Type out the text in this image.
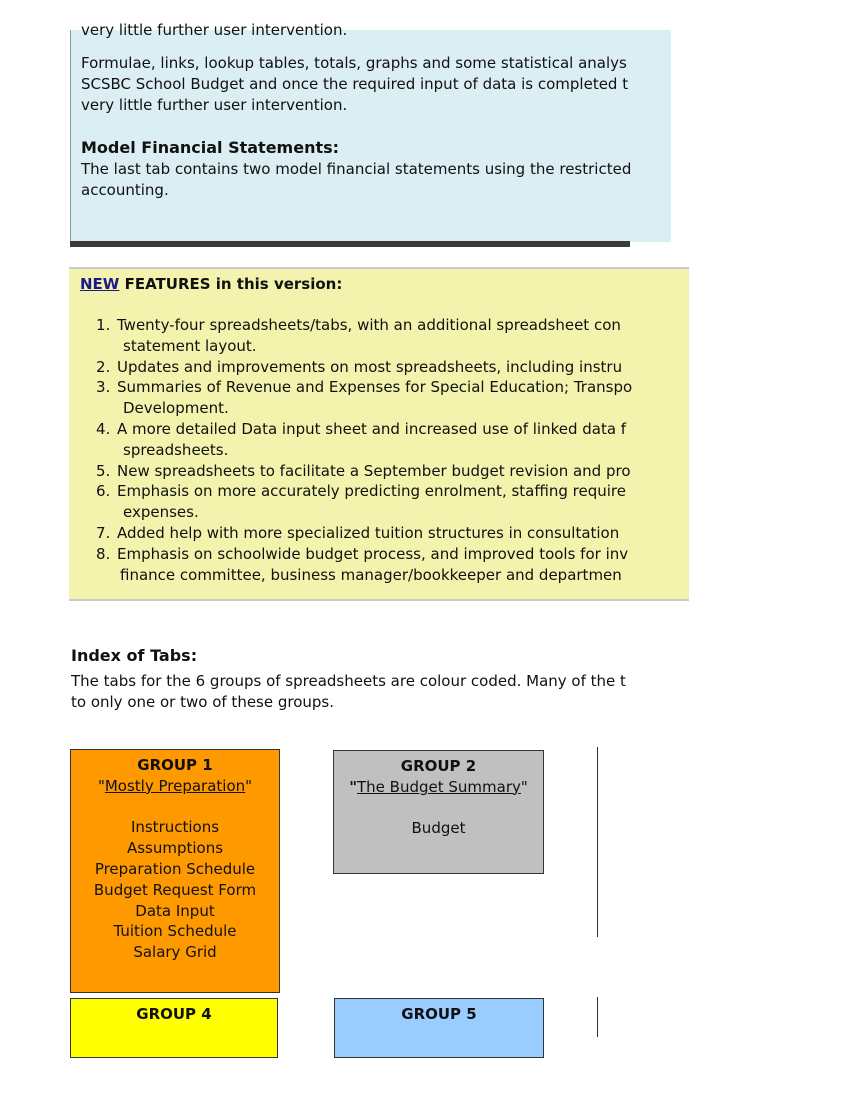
very little further user intervention.
Formulae, links, lookup tables, totals, graphs and some statistical analys
SCSBC School Budget and once the required input of data is completed t
very little further user intervention.
Model Financial Statements:
The last tab contains two model financial statements using the restricted
accounting.
NEW FEATURES in this version:
1. Twenty-four spreadsheets/tabs, with an additional spreadsheet con
statement layout.
2. Updates and improvements on most spreadsheets, including instru
3. Summaries of Revenue and Expenses for Special Education; Transpo
Development.
4. A more detailed Data input sheet and increased use of linked data f
spreadsheets.
5. New spreadsheets to facilitate a September budget revision and pro
6. Emphasis on more accurately predicting enrolment, staffing require
expenses.
7. Added help with more specialized tuition structures in consultation
8. Emphasis on schoolwide budget process, and improved tools for inv
finance committee, business manager/bookkeeper and departmen
Index of Tabs:
The tabs for the 6 groups of spreadsheets are colour coded. Many of the t
to only one or two of these groups.
GROUP 1
"Mostly Preparation"
Instructions
Assumptions
Preparation Schedule
Budget Request Form
Data Input
Tuition Schedule
Salary Grid
GROUP 2
"The Budget Summary"
Budget
GROUP 4	GROUP 5
